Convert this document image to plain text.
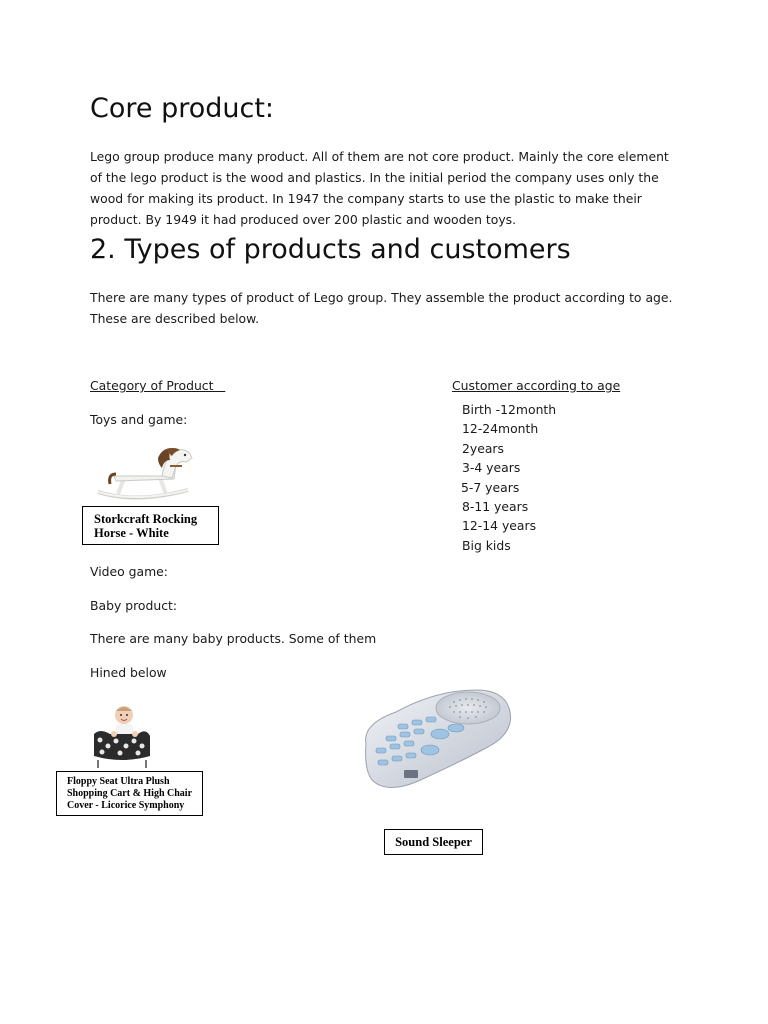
Core product:

Lego group produce many product. All of them are not core product. Mainly the core element
of the lego product is the wood and plastics. In the initial period the company uses only the
wood for making its product. In 1947 the company starts to use the plastic to make their
product. By 1949 it had produced over 200 plastic and wooden toys.

2. Types of products and customers

There are many types of product of Lego group. They assemble the product according to age.
These are described below.

Category of Product	Customer according to age
Toys and game:
Birth -12month
12-24month
2years
3-4 years
5-7 years
8-11 years
12-14 years
Big kids
Storkcraft Rocking
Horse - White
Video game:
Baby product:
There are many baby products. Some of them
Hined below
Floppy Seat Ultra Plush
Shopping Cart & High Chair
Cover - Licorice Symphony
Sound Sleeper
